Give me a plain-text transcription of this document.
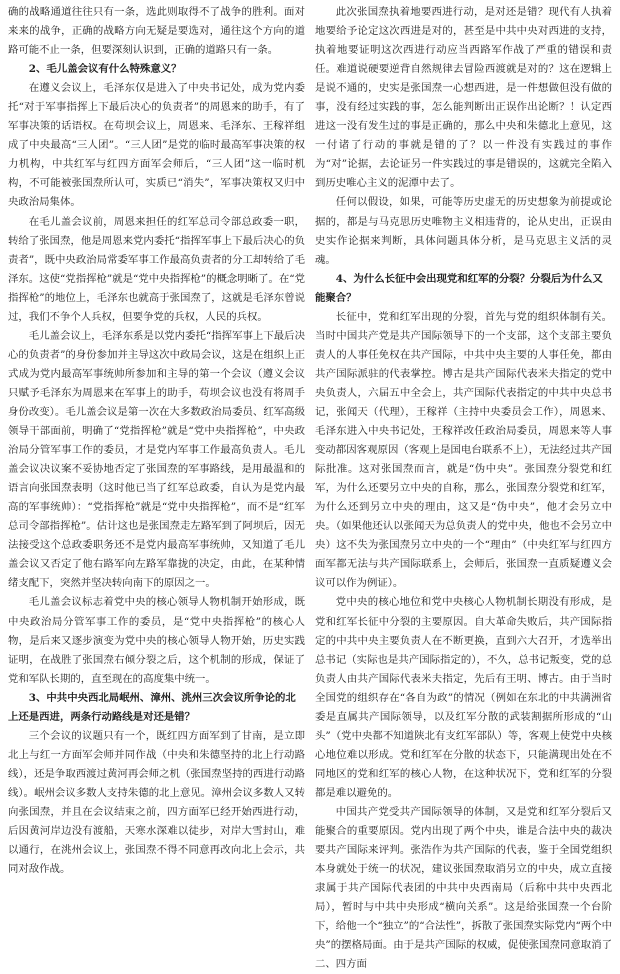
确的战略通道往往只有一条，选此则取得不了战争的胜利。面对来来的战争，正确的战略方向无疑是要选对，通往这个方向的道路可能不止一条，但要深刻认识到，正确的道路只有一条。

2、毛儿盖会议有什么特殊意义？

在遵义会议上，毛泽东仅是进入了中央书记处，成为党内委托“对于军事指挥上下最后决心的负责者”的周恩来的助手，有了军事决策的话语权。在苟坝会议上，周恩来、毛泽东、王稼祥组成了中央最高“三人团”。“三人团”是党的临时最高军事决策的权力机构，中共红军与红四方面军会师后，“三人团”这一临时机构，不可能被张国焘所认可，实质已“消失”，军事决策权又归中央政治局集体。

在毛儿盖会议前，周恩来担任的红军总司令部总政委一职，转给了张国焘，他是周恩来党内委托“指挥军事上下最后决心的负责者”，既中央政治局常委军事工作最高负责者的分工却转给了毛泽东。这使“党指挥枪”就是“党中央指挥枪”的概念明晰了。在“党指挥枪”的地位上，毛泽东也就高于张国焘了，这就是毛泽东曾说过，我们不争个人兵权，但要争党的兵权，人民的兵权。

毛儿盖会议上，毛泽东系是以党内委托“指挥军事上下最后决心的负责者”的身份参加并主导这次中政局会议，这是在组织上正式成为党内最高军事统帅所参加和主导的第一个会议（遵义会议只赋予毛泽东为周恩来在军事上的助手，苟坝会议也没有将周手身份改变）。毛儿盖会议是第一次在大多数政治局委员、红军高级领导干部面前，明确了“党指挥枪”就是“党中央指挥枪”，中央政治局分管军事工作的委员，才是党内军事工作最高负责人。毛儿盖会议决议案不妥协地否定了张国焘的军事路线，是用最温和的语言向张国焘表明（这时他已当了红军总政委，自认为是党内最高的军事统帅）：“党指挥枪”就是“党中央指挥枪”，而不是“红军总司令部指挥枪”。估计这也是张国焘走左路军到了阿坝后，因无法接受这个总政委职务还不是党内最高军事统帅，又知道了毛儿盖会议又否定了他右路军向左路军靠拢的决定，由此，在某种情绪支配下，突然并坚决转向南下的原因之一。

毛儿盖会议标志着党中央的核心领导人物机制开始形成，既中央政治局分管军事工作的委员，是“党中央指挥枪”的核心人物，是后来又逐步演变为党中央的核心领导人物开始，历史实践证明，在战胜了张国焘右倾分裂之后，这个机制的形成，保证了党和军队长期的，直至现在的高度集中统一。

3、中共中央西北局岷州、漳州、洮州三次会议所争论的北上还是西进，两条行动路线是对还是错？

三个会议的议题只有一个，既红四方面军到了甘南，是立即北上与红一方面军会师并同作战（中央和朱德坚持的北上行动路线），还是争取西渡过黄河再会师之机（张国焘坚持的西进行动路线）。岷州会议多数人支持朱德的北上意见。漳州会议多数人又转向张国焘，并且在会议结束之前，四方面军已经开始西进行动，后因黄河岸边没有渡船，天寒水深难以徒步，对岸大雪封山，难以通行，在洮州会议上，张国焘不得不同意再改向北上会示，共同对敌作战。

此次张国焘执着地要西进行动，是对还是错？现代有人执着地要给予论定这次西进是对的，甚至是中共中央对西进的支持，执着地要证明这次西进行动应当西路军作战了严重的错误和责任。难道说硬要逆背自然规律去冒险西渡就是对的？这在逻辑上是说不通的，史实是张国焘一心想西进，是一件想做但没有做的事，没有经过实践的事，怎么能判断出正误作出论断？！认定西进这一没有发生过的事是正确的，那么中央和朱德北上意见，这一付诸了行动的事就是错的了？以一件没有实践过的事作为“对”论据，去论证另一件实践过的事是错误的，这就完全陷入到历史唯心主义的泥潭中去了。

任何以假设，如果，可能等历史虚无的历史想象为前提或论据的，都是与马克思历史唯物主义相违背的，论从史出，正误由史实作论据来判断，具体问题具体分析，是马克思主义活的灵魂。

4、为什么长征中会出现党和红军的分裂？分裂后为什么又能聚合？

长征中，党和红军出现的分裂，首先与党的组织体制有关。当时中国共产党是共产国际领导下的一个支部，这个支部主要负责人的人事任免权在共产国际，中共中央主要的人事任免，都由共产国际派驻的代表掌控。博古是共产国际代表米夫指定的党中央负责人，六届五中全会上，共产国际代表指定的中共中央总书记，张闻天（代理），王稼祥（主持中央委员会工作），周恩来、毛泽东进入中央书记处，王稼祥改任政治局委员，周恩来等人事变动都因客观原因（客观上是国电台联系不上），无法经过共产国际批准。这对张国焘而言，就是“伪中央”。张国焘分裂党和红军，为什么还要另立中央的自称，那么，张国焘分裂党和红军，为什么还到另立中央的理由，这又是“伪中央”，他才会另立中央。（如果他还认以张闻天为总负责人的党中央，他也不会另立中央）这不失为张国焘另立中央的一个“理由”（中央红军与红四方面军都无法与共产国际联系上，会师后，张国焘一直质疑遵义会议可以作为例证）。

党中央的核心地位和党中央核心人物机制长期没有形成，是党和红军长征中分裂的主要原因。自大革命失败后，共产国际指定的中共中央主要负责人在不断更换，直到六大召开，才选举出总书记（实际也是共产国际指定的），不久，总书记叛变，党的总负责人由共产国际代表米夫指定，先后有王明、博古。由于当时全国党的组织存在“各自为政”的情况（例如在东北的中共满洲省委是直属共产国际领导，以及红军分散的武装割据所形成的“山头”（党中央都不知道陕北有支红军部队）等，客观上使党中央核心地位难以形成。党和红军在分散的状态下，只能满现出处在不同地区的党和红军的核心人物，在这种状况下，党和红军的分裂都是难以避免的。

中国共产党受共产国际领导的体制，又是党和红军分裂后又能聚合的重要原因。党内出现了两个中央，谁是合法中央的裁决要共产国际来评判。张浩作为共产国际的代表，鉴于全国党组织本身就处于统一的状况，建议张国焘取消另立的中央，成立直接隶属于共产国际代表团的中共中央西南局（后称中共中央西北局），暂时与中共中央形成“横向关系”。这是给张国焘一个台阶下，给他一个“独立”的“合法性”，拆散了张国焘实际党内“两个中央”的摆格局面。由于是共产国际的权威，促使张国焘同意取消了二、四方面
